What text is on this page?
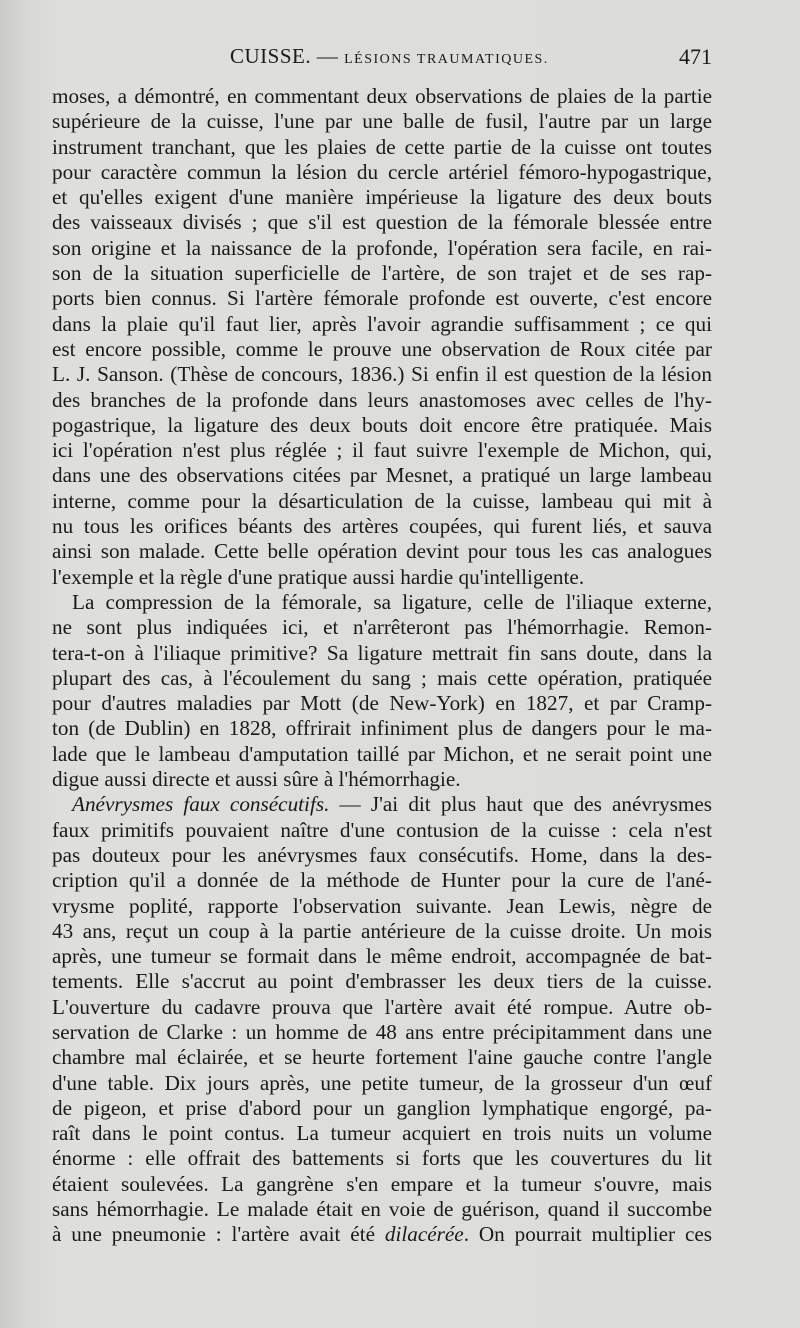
CUISSE. — LÉSIONS TRAUMATIQUES.	471
moses, a démontré, en commentant deux observations de plaies de la partie
supérieure de la cuisse, l'une par une balle de fusil, l'autre par un large
instrument tranchant, que les plaies de cette partie de la cuisse ont toutes
pour caractère commun la lésion du cercle artériel fémoro-hypogastrique,
et qu'elles exigent d'une manière impérieuse la ligature des deux bouts
des vaisseaux divisés ; que s'il est question de la fémorale blessée entre
son origine et la naissance de la profonde, l'opération sera facile, en rai-
son de la situation superficielle de l'artère, de son trajet et de ses rap-
ports bien connus. Si l'artère fémorale profonde est ouverte, c'est encore
dans la plaie qu'il faut lier, après l'avoir agrandie suffisamment ; ce qui
est encore possible, comme le prouve une observation de Roux citée par
L. J. Sanson. (Thèse de concours, 1836.) Si enfin il est question de la lésion
des branches de la profonde dans leurs anastomoses avec celles de l'hy-
pogastrique, la ligature des deux bouts doit encore être pratiquée. Mais
ici l'opération n'est plus réglée ; il faut suivre l'exemple de Michon, qui,
dans une des observations citées par Mesnet, a pratiqué un large lambeau
interne, comme pour la désarticulation de la cuisse, lambeau qui mit à
nu tous les orifices béants des artères coupées, qui furent liés, et sauva
ainsi son malade. Cette belle opération devint pour tous les cas analogues
l'exemple et la règle d'une pratique aussi hardie qu'intelligente.
La compression de la fémorale, sa ligature, celle de l'iliaque externe,
ne sont plus indiquées ici, et n'arrêteront pas l'hémorrhagie. Remon-
tera-t-on à l'iliaque primitive? Sa ligature mettrait fin sans doute, dans la
plupart des cas, à l'écoulement du sang ; mais cette opération, pratiquée
pour d'autres maladies par Mott (de New-York) en 1827, et par Cramp-
ton (de Dublin) en 1828, offrirait infiniment plus de dangers pour le ma-
lade que le lambeau d'amputation taillé par Michon, et ne serait point une
digue aussi directe et aussi sûre à l'hémorrhagie.
Anévrysmes faux consécutifs. — J'ai dit plus haut que des anévrysmes
faux primitifs pouvaient naître d'une contusion de la cuisse : cela n'est
pas douteux pour les anévrysmes faux consécutifs. Home, dans la des-
cription qu'il a donnée de la méthode de Hunter pour la cure de l'ané-
vrysme poplité, rapporte l'observation suivante. Jean Lewis, nègre de
43 ans, reçut un coup à la partie antérieure de la cuisse droite. Un mois
après, une tumeur se formait dans le même endroit, accompagnée de bat-
tements. Elle s'accrut au point d'embrasser les deux tiers de la cuisse.
L'ouverture du cadavre prouva que l'artère avait été rompue. Autre ob-
servation de Clarke : un homme de 48 ans entre précipitamment dans une
chambre mal éclairée, et se heurte fortement l'aine gauche contre l'angle
d'une table. Dix jours après, une petite tumeur, de la grosseur d'un œuf
de pigeon, et prise d'abord pour un ganglion lymphatique engorgé, pa-
raît dans le point contus. La tumeur acquiert en trois nuits un volume
énorme : elle offrait des battements si forts que les couvertures du lit
étaient soulevées. La gangrène s'en empare et la tumeur s'ouvre, mais
sans hémorrhagie. Le malade était en voie de guérison, quand il succombe
à une pneumonie : l'artère avait été dilacérée. On pourrait multiplier ces
